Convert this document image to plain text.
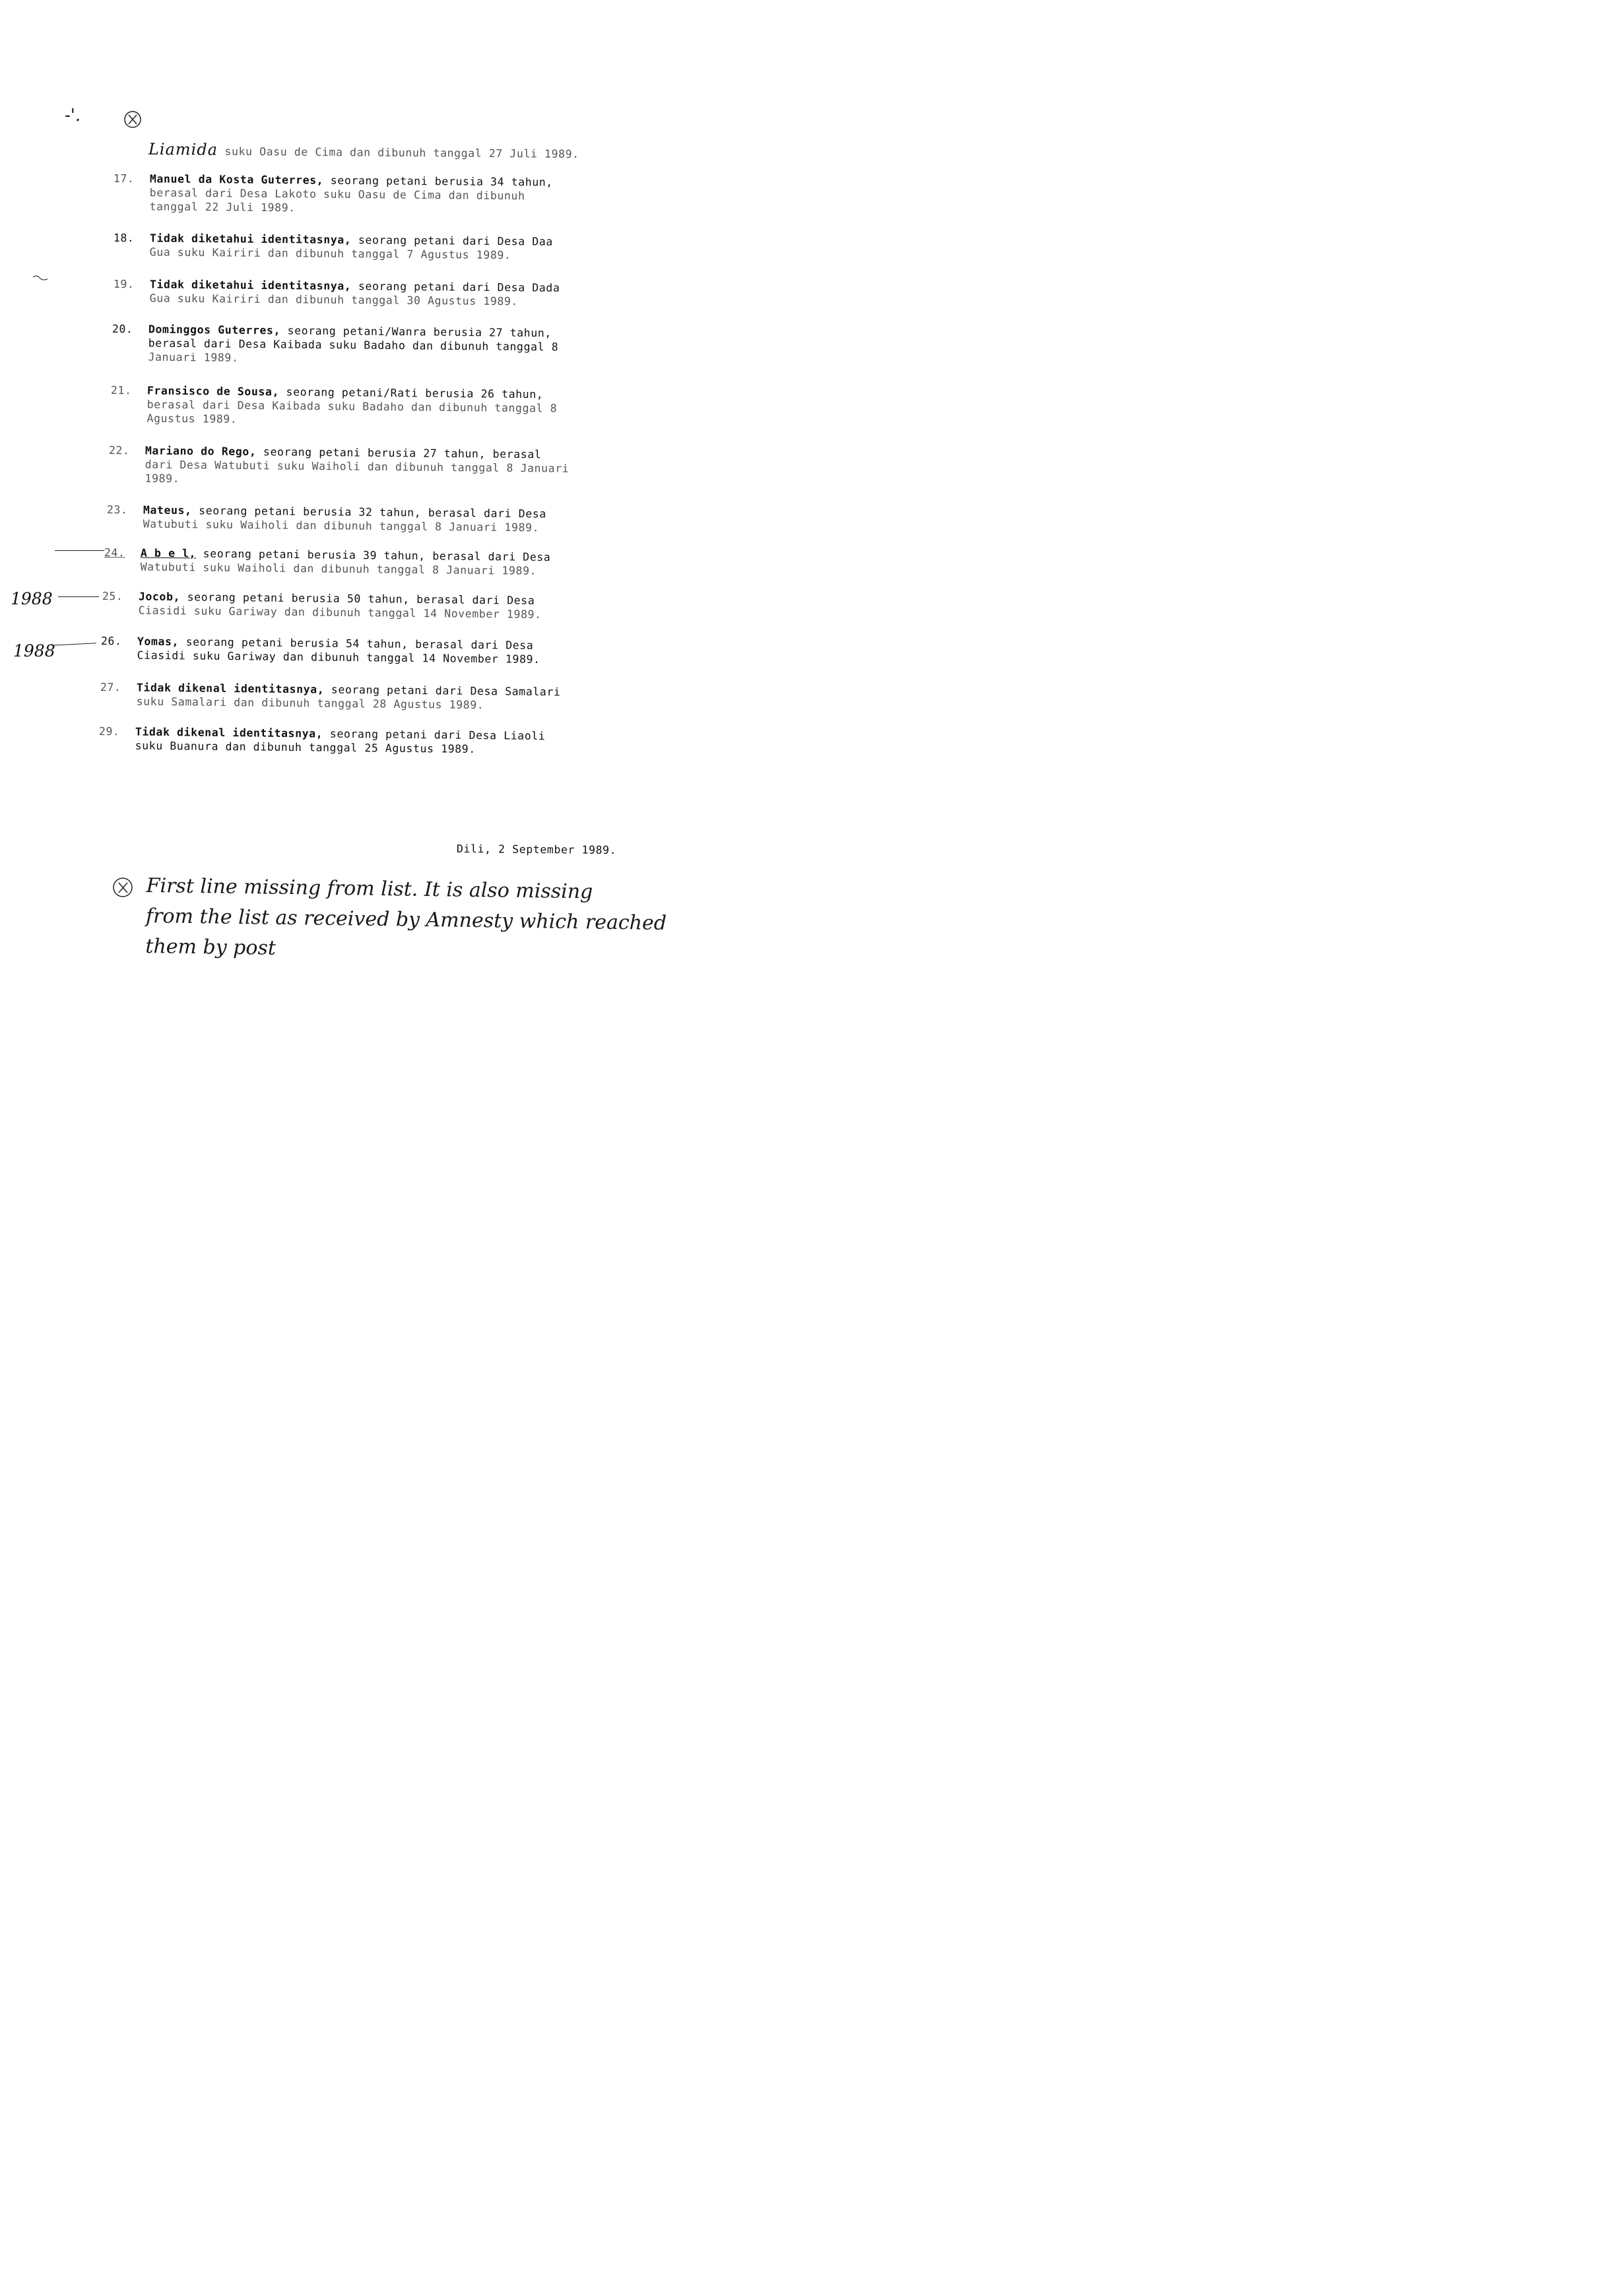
-'.
Liamida suku Oasu de Cima dan dibunuh tanggal 27 Juli 1989.
17. Manuel da Kosta Guterres, seorang petani berusia 34 tahun,
berasal dari Desa Lakoto suku Oasu de Cima dan dibunuh
tanggal 22 Juli 1989.
18. Tidak diketahui identitasnya, seorang petani dari Desa Daa
Gua suku Kairiri dan dibunuh tanggal 7 Agustus 1989.
19. Tidak diketahui identitasnya, seorang petani dari Desa Dada
Gua suku Kairiri dan dibunuh tanggal 30 Agustus 1989.
20. Dominggos Guterres, seorang petani/Wanra berusia 27 tahun,
berasal dari Desa Kaibada suku Badaho dan dibunuh tanggal 8
Januari 1989.
21. Fransisco de Sousa, seorang petani/Rati berusia 26 tahun,
berasal dari Desa Kaibada suku Badaho dan dibunuh tanggal 8
Agustus 1989.
22. Mariano do Rego, seorang petani berusia 27 tahun, berasal
dari Desa Watubuti suku Waiholi dan dibunuh tanggal 8 Januari
1989.
23. Mateus, seorang petani berusia 32 tahun, berasal dari Desa
Watubuti suku Waiholi dan dibunuh tanggal 8 Januari 1989.
24. A b e l, seorang petani berusia 39 tahun, berasal dari Desa
Watubuti suku Waiholi dan dibunuh tanggal 8 Januari 1989.
1988	25. Jocob, seorang petani berusia 50 tahun, berasal dari Desa
Ciasidi suku Gariway dan dibunuh tanggal 14 November 1989.
1988
26. Yomas, seorang petani berusia 54 tahun, berasal dari Desa
Ciasidi suku Gariway dan dibunuh tanggal 14 November 1989.
27. Tidak dikenal identitasnya, seorang petani dari Desa Samalari
suku Samalari dan dibunuh tanggal 28 Agustus 1989.
29. Tidak dikenal identitasnya, seorang petani dari Desa Liaoli
suku Buanura dan dibunuh tanggal 25 Agustus 1989.
Dili, 2 September 1989.
First line missing from list. It is also missing
from the list as received by Amnesty which reached
them by post
